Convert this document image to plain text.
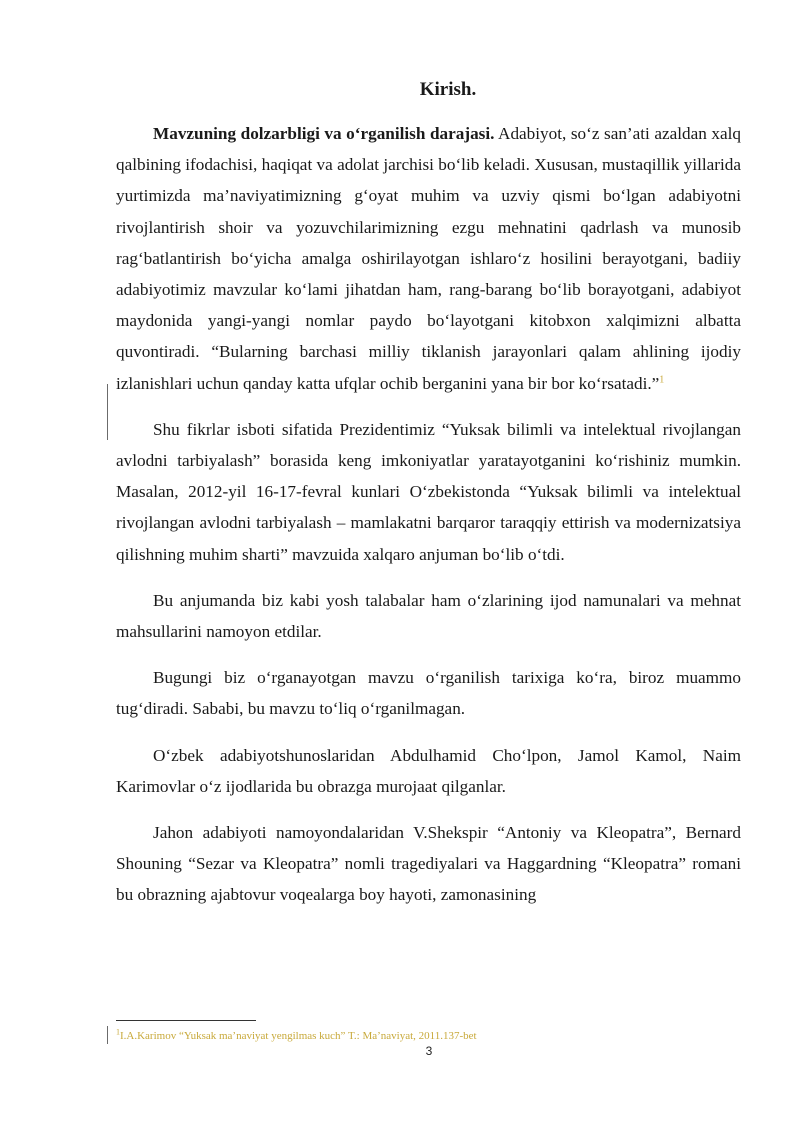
Kirish.

Mavzuning dolzarbligi va o‘rganilish darajasi. Adabiyot, so‘z san’ati azaldan xalq qalbining ifodachisi, haqiqat va adolat jarchisi bo‘lib keladi. Xususan, mustaqillik yillarida yurtimizda ma’naviyatimizning g‘oyat muhim va uzviy qismi bo‘lgan adabiyotni rivojlantirish shoir va yozuvchilarimizning ezgu mehnatini qadrlash va munosib rag‘batlantirish bo‘yicha amalga oshirilayotgan ishlaro‘z hosilini berayotgani, badiiy adabiyotimiz mavzular ko‘lami jihatdan ham, rang-barang bo‘lib borayotgani, adabiyot maydonida yangi-yangi nomlar paydo bo‘layotgani kitobxon xalqimizni albatta quvontiradi. “Bularning barchasi milliy tiklanish jarayonlari qalam ahlining ijodiy izlanishlari uchun qanday katta ufqlar ochib berganini yana bir bor ko‘rsatadi.”$^1$

Shu fikrlar isboti sifatida Prezidentimiz “Yuksak bilimli va intelektual rivojlangan avlodni tarbiyalash” borasida keng imkoniyatlar yaratayotganini ko‘rishiniz mumkin. Masalan, 2012-yil 16-17-fevral kunlari O‘zbekistonda “Yuksak bilimli va intelektual rivojlangan avlodni tarbiyalash – mamlakatni barqaror taraqqiy ettirish va modernizatsiya qilishning muhim sharti” mavzuida xalqaro anjuman bo‘lib o‘tdi.

Bu anjumanda biz kabi yosh talabalar ham o‘zlarining ijod namunalari va mehnat mahsullarini namoyon etdilar.

Bugungi biz o‘rganayotgan mavzu o‘rganilish tarixiga ko‘ra, biroz muammo tug‘diradi. Sababi, bu mavzu to‘liq o‘rganilmagan.

O‘zbek adabiyotshunoslaridan Abdulhamid Cho‘lpon, Jamol Kamol, Naim Karimovlar o‘z ijodlarida bu obrazga murojaat qilganlar.

Jahon adabiyoti namoyondalaridan V.Shekspir “Antoniy va Kleopatra”, Bernard Shouning “Sezar va Kleopatra” nomli tragediyalari va Haggardning “Kleopatra” romani bu obrazning ajabtovur voqealarga boy hayoti, zamonasining

$^1$I.A.Karimov “Yuksak ma’naviyat yengilmas kuch” T.: Ma’naviyat, 2011.137-bet
3
